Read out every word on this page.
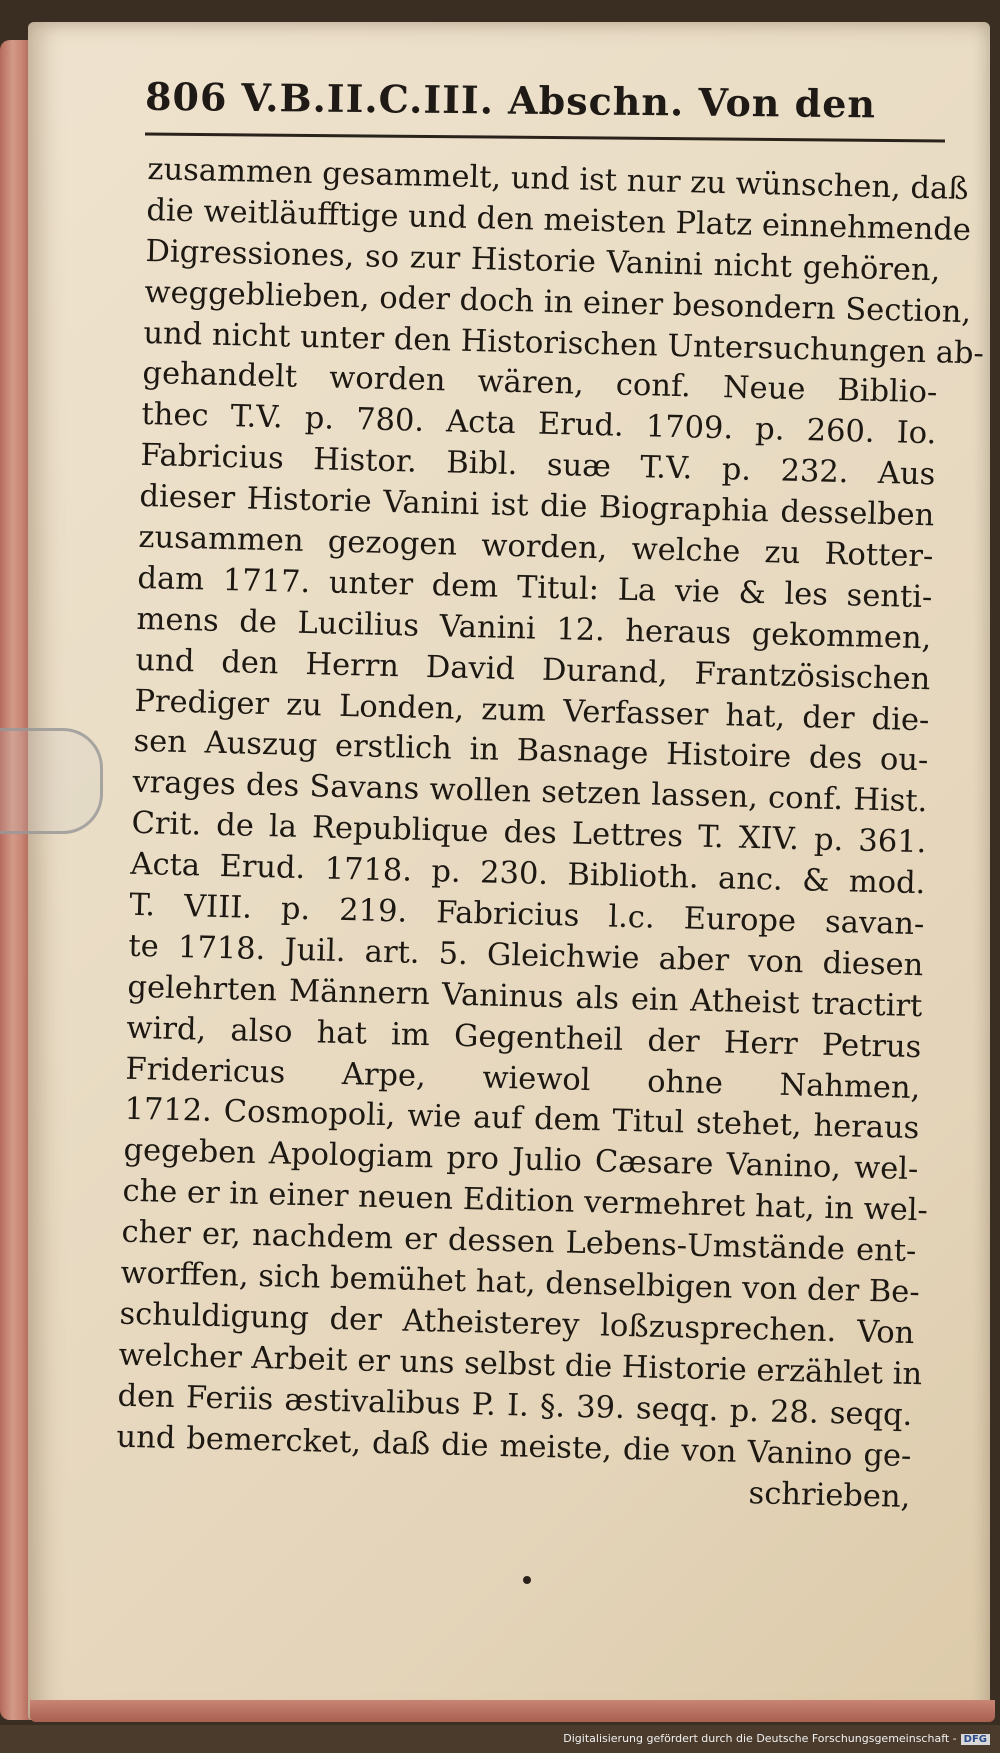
806 V.B.II.C.III. Abschn. Von den
zusammen gesammelt, und ist nur zu wünschen, daß
die weitläufftige und den meisten Platz einnehmende
Digressiones, so zur Historie Vanini nicht gehören,
weggeblieben, oder doch in einer besondern Section,
und nicht unter den Historischen Untersuchungen ab-
gehandelt worden wären, conf. Neue Biblio-
thec T.V. p. 780. Acta Erud. 1709. p. 260. Io.
Fabricius Histor. Bibl. suæ T.V. p. 232. Aus
dieser Historie Vanini ist die Biographia desselben
zusammen gezogen worden, welche zu Rotter-
dam 1717. unter dem Titul: La vie & les senti-
mens de Lucilius Vanini 12. heraus gekommen,
und den Herrn David Durand, Frantzösischen
Prediger zu Londen, zum Verfasser hat, der die-
sen Auszug erstlich in Basnage Histoire des ou-
vrages des Savans wollen setzen lassen, conf. Hist.
Crit. de la Republique des Lettres T. XIV. p. 361.
Acta Erud. 1718. p. 230. Biblioth. anc. & mod.
T. VIII. p. 219. Fabricius l.c. Europe savan-
te 1718. Juil. art. 5. Gleichwie aber von diesen
gelehrten Männern Vaninus als ein Atheist tractirt
wird, also hat im Gegentheil der Herr Petrus
Fridericus Arpe, wiewol ohne Nahmen,
1712. Cosmopoli, wie auf dem Titul stehet, heraus
gegeben Apologiam pro Julio Cæsare Vanino, wel-
che er in einer neuen Edition vermehret hat, in wel-
cher er, nachdem er dessen Lebens-Umstände ent-
worffen, sich bemühet hat, denselbigen von der Be-
schuldigung der Atheisterey loßzusprechen. Von
welcher Arbeit er uns selbst die Historie erzählet in
den Feriis æstivalibus P. I. §. 39. seqq. p. 28. seqq.
und bemercket, daß die meiste, die von Vanino ge-
schrieben,
Digitalisierung gefördert durch die Deutsche Forschungsgemeinschaft - DFG
